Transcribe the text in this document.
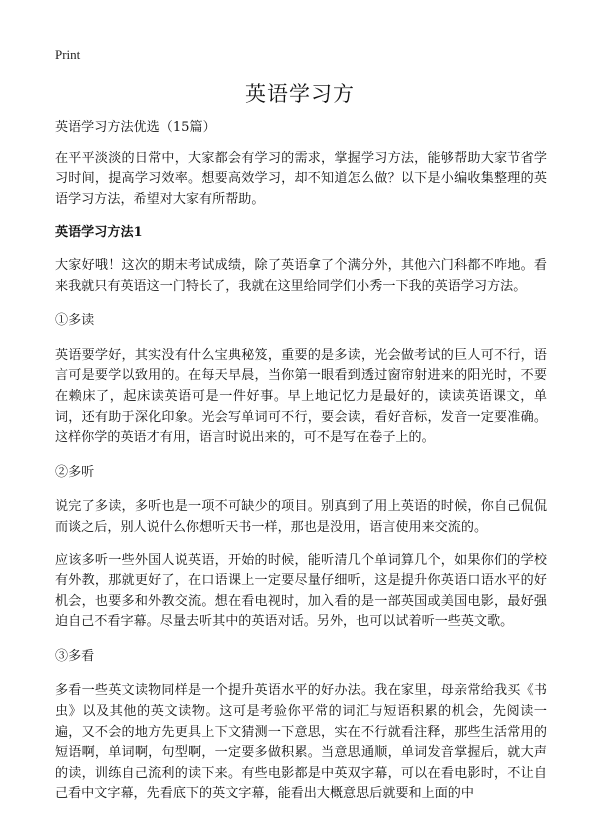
Print
英语学习方

英语学习方法优选（15篇）

在平平淡淡的日常中，大家都会有学习的需求，掌握学习方法，能够帮助大家节省学习时间，提高学习效率。想要高效学习，却不知道怎么做？以下是小编收集整理的英语学习方法，希望对大家有所帮助。

英语学习方法1

大家好哦！这次的期末考试成绩，除了英语拿了个满分外，其他六门科都不咋地。看来我就只有英语这一门特长了，我就在这里给同学们小秀一下我的英语学习方法。

①多读

英语要学好，其实没有什么宝典秘笈，重要的是多读，光会做考试的巨人可不行，语言可是要学以致用的。在每天早晨，当你第一眼看到透过窗帘射进来的阳光时，不要在赖床了，起床读英语可是一件好事。早上地记忆力是最好的，读读英语课文，单词，还有助于深化印象。光会写单词可不行，要会读，看好音标，发音一定要准确。这样你学的英语才有用，语言时说出来的，可不是写在卷子上的。

②多听

说完了多读，多听也是一项不可缺少的项目。别真到了用上英语的时候，你自己侃侃而谈之后，别人说什么你想听天书一样，那也是没用，语言使用来交流的。

应该多听一些外国人说英语，开始的时候，能听清几个单词算几个，如果你们的学校有外教，那就更好了，在口语课上一定要尽量仔细听，这是提升你英语口语水平的好机会，也要多和外教交流。想在看电视时，加入看的是一部英国或美国电影，最好强迫自己不看字幕。尽量去听其中的英语对话。另外，也可以试着听一些英文歌。

③多看

多看一些英文读物同样是一个提升英语水平的好办法。我在家里，母亲常给我买《书虫》以及其他的英文读物。这可是考验你平常的词汇与短语积累的机会，先阅读一遍，又不会的地方先更具上下文猜测一下意思，实在不行就看注释，那些生活常用的短语啊，单词啊，句型啊，一定要多做积累。当意思通顺，单词发音掌握后，就大声的读，训练自己流利的读下来。有些电影都是中英双字幕，可以在看电影时，不让自己看中文字幕，先看底下的英文字幕，能看出大概意思后就要和上面的中
